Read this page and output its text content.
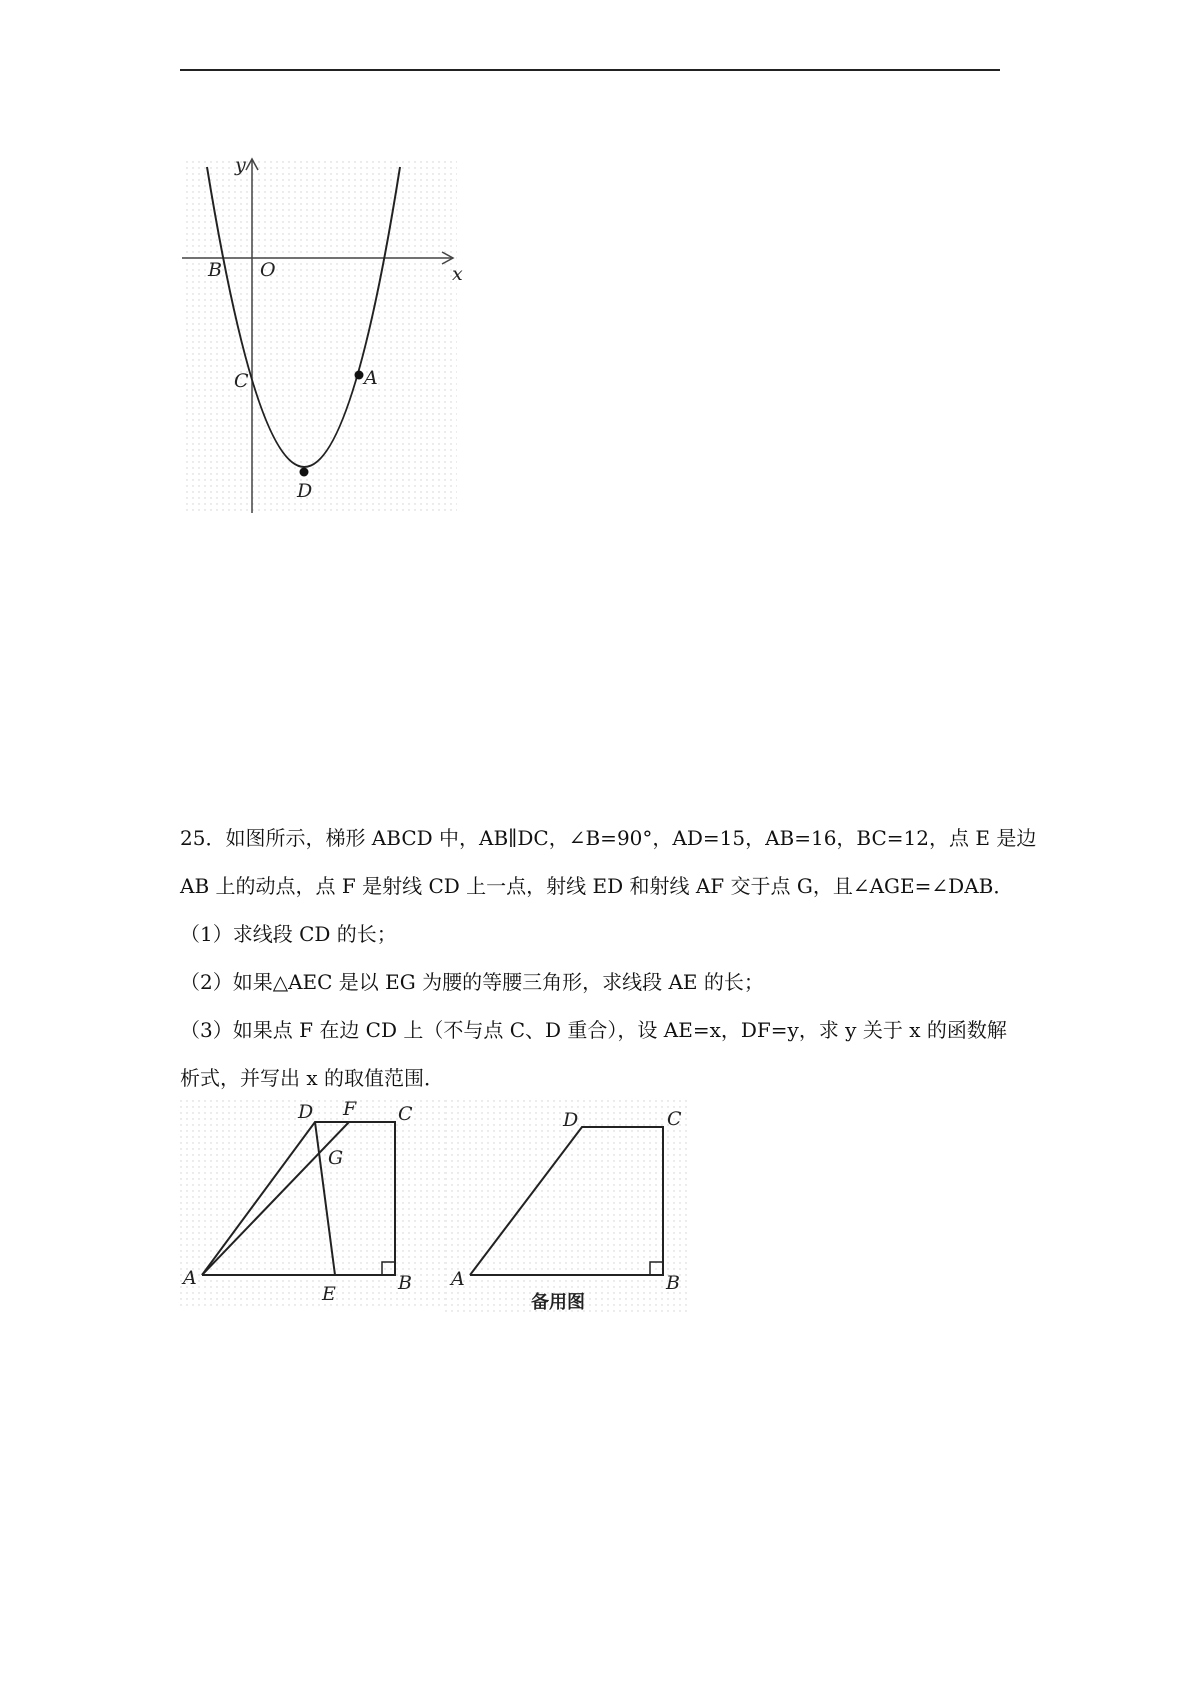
y
x
B O
C	A
D

25．如图所示，梯形 ABCD 中，AB∥DC，∠B=90°，AD=15，AB=16，BC=12，点 E 是边

AB 上的动点，点 F 是射线 CD 上一点，射线 ED 和射线 AF 交于点 G，且∠AGE=∠DAB．

（1）求线段 CD 的长；

（2）如果△AEC 是以 EG 为腰的等腰三角形，求线段 AE 的长；

（3）如果点 F 在边 CD 上（不与点 C、D 重合），设 AE=x，DF=y，求 y 关于 x 的函数解

析式，并写出 x 的取值范围．

D F C
G
A
E	B
D	C
A	B
备用图
